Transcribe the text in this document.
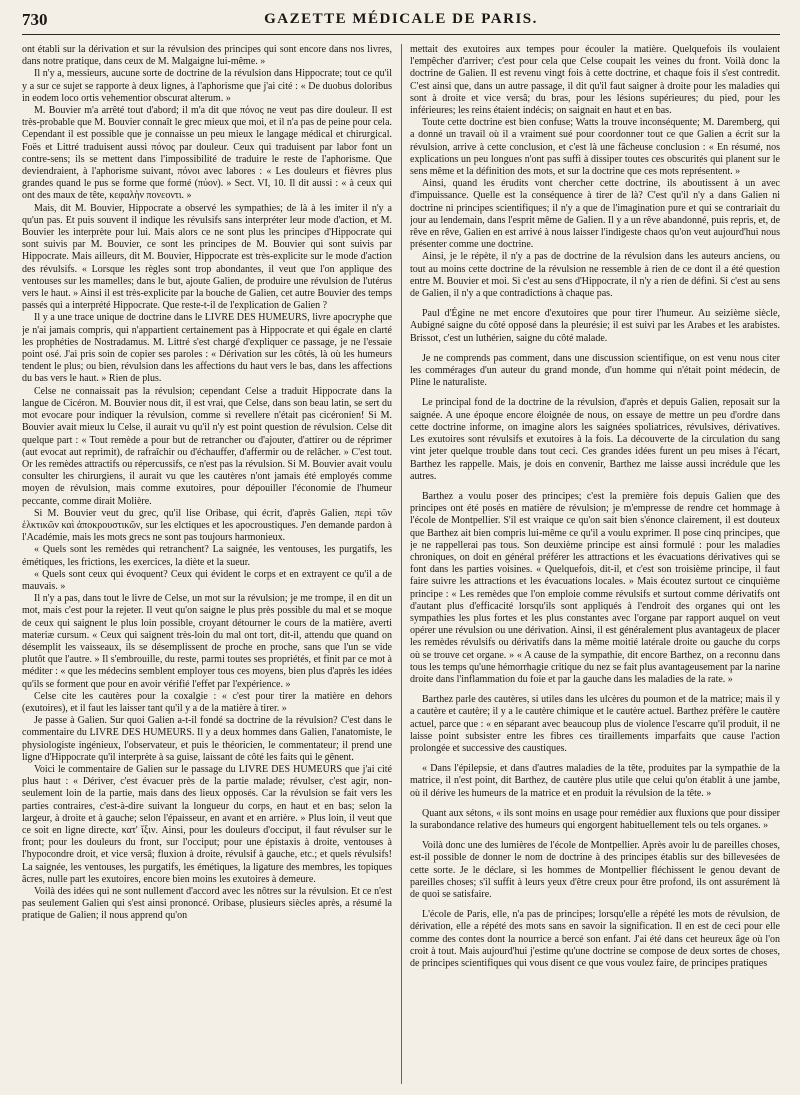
730	GAZETTE MÉDICALE DE PARIS.

ont établi sur la dérivation et sur la révulsion des principes qui sont encore dans nos livres, dans notre pratique, dans ceux de M. Malgaigne lui-même. »

Il n'y a, messieurs, aucune sorte de doctrine de la révulsion dans Hippocrate; tout ce qu'il y a sur ce sujet se rapporte à deux lignes, à l'aphorisme que j'ai cité : « De duobus doloribus in eodem loco ortis vehementior obscurat alterum. »

M. Bouvier m'a arrêté tout d'abord; il m'a dit que πόνος ne veut pas dire douleur. Il est très-probable que M. Bouvier connaît le grec mieux que moi, et il n'a pas de peine pour cela. Cependant il est possible que je connaisse un peu mieux le langage médical et chirurgical. Foës et Littré traduisent aussi πόνος par douleur. Ceux qui traduisent par labor font un contre-sens; ils se mettent dans l'impossibilité de traduire le reste de l'aphorisme. Que deviendraient, à l'aphorisme suivant, πόνοι avec labores : « Les douleurs et fièvres plus grandes quand le pus se forme que formé (πύον). » Sect. VI, 10. Il dit aussi : « à ceux qui ont des maux de tête, κεφαλὴν πονεοντι. »

Mais, dit M. Bouvier, Hippocrate a observé les sympathies; de là à les imiter il n'y a qu'un pas. Et puis souvent il indique les révulsifs sans interpréter leur mode d'action, et M. Bouvier les interprète pour lui. Mais alors ce ne sont plus les principes d'Hippocrate qui sont suivis par M. Bouvier, ce sont les principes de M. Bouvier qui sont suivis par Hippocrate. Mais ailleurs, dit M. Bouvier, Hippocrate est très-explicite sur le mode d'action des révulsifs. « Lorsque les règles sont trop abondantes, il veut que l'on applique des ventouses sur les mamelles; dans le but, ajoute Galien, de produire une révulsion de l'utérus vers le haut. » Ainsi il est très-explicite par la bouche de Galien, cet autre Bouvier des temps passés qui a interprété Hippocrate. Que reste-t-il de l'explication de Galien ?

Il y a une trace unique de doctrine dans le LIVRE DES HUMEURS, livre apocryphe que je n'ai jamais compris, qui n'appartient certainement pas à Hippocrate et qui égale en clarté les prophéties de Nostradamus. M. Littré s'est chargé d'expliquer ce passage, je ne l'essaie point osé. J'ai pris soin de copier ses paroles : « Dérivation sur les côtés, là où les humeurs tendent le plus; ou bien, révulsion dans les affections du haut vers le bas, dans les affections du bas vers le haut. » Rien de plus.

Celse ne connaissait pas la révulsion; cependant Celse a traduit Hippocrate dans la langue de Cicéron. M. Bouvier nous dit, il est vrai, que Celse, dans son beau latin, se sert du mot evocare pour indiquer la révulsion, comme si revellere n'était pas cicéronien! Si M. Bouvier avait mieux lu Celse, il aurait vu qu'il n'y est point question de révulsion. Celse dit quelque part : « Tout remède a pour but de retrancher ou d'ajouter, d'attirer ou de réprimer (aut evocat aut reprimit), de rafraîchir ou d'échauffer, d'affermir ou de relâcher. » C'est tout. Or les remèdes attractifs ou répercussifs, ce n'est pas la révulsion. Si M. Bouvier avait voulu consulter les chirurgiens, il aurait vu que les cautères n'ont jamais été employés comme moyen de révulsion, mais comme exutoires, pour dépouiller l'économie de l'humeur peccante, comme dirait Molière.

Si M. Bouvier veut du grec, qu'il lise Oribase, qui écrit, d'après Galien, περὶ τῶν ἑλκτικῶν καὶ ἀποκρουστικῶν, sur les elctiques et les apocroustiques. J'en demande pardon à l'Académie, mais les mots grecs ne sont pas toujours harmonieux.

« Quels sont les remèdes qui retranchent? La saignée, les ventouses, les purgatifs, les émétiques, les frictions, les exercices, la diète et la sueur.

« Quels sont ceux qui évoquent? Ceux qui évident le corps et en extrayent ce qu'il a de mauvais. »

Il n'y a pas, dans tout le livre de Celse, un mot sur la révulsion; je me trompe, il en dit un mot, mais c'est pour la rejeter. Il veut qu'on saigne le plus près possible du mal et se moque de ceux qui saignent le plus loin possible, croyant détourner le cours de la matière, averti materiæ cursum. « Ceux qui saignent très-loin du mal ont tort, dit-il, attendu que quand on désemplit les vaisseaux, ils se désemplissent de proche en proche, sans que l'un se vide plutôt que l'autre. » Il s'embrouille, du reste, parmi toutes ses propriétés, et finit par ce mot à méditer : « que les médecins semblent employer tous ces moyens, bien plus d'après les idées qu'ils se forment que pour en avoir vérifié l'effet par l'expérience. »

Celse cite les cautères pour la coxalgie : « c'est pour tirer la matière en dehors (exutoires), et il faut les laisser tant qu'il y a de la matière à tirer. »

Je passe à Galien. Sur quoi Galien a-t-il fondé sa doctrine de la révulsion? C'est dans le commentaire du LIVRE DES HUMEURS. Il y a deux hommes dans Galien, l'anatomiste, le physiologiste ingénieux, l'observateur, et puis le théoricien, le commentateur; il prend une ligne d'Hippocrate qu'il interprète à sa guise, laissant de côté les faits qui le gênent.

Voici le commentaire de Galien sur le passage du LIVRE DES HUMEURS que j'ai cité plus haut : « Dériver, c'est évacuer près de la partie malade; révulser, c'est agir, non-seulement loin de la partie, mais dans des lieux opposés. Car la révulsion se fait vers les parties contraires, c'est-à-dire suivant la longueur du corps, en haut et en bas; selon la largeur, à droite et à gauche; selon l'épaisseur, en avant et en arrière. » Plus loin, il veut que ce soit en ligne directe, κατ' ἴξιν. Ainsi, pour les douleurs d'occiput, il faut révulser sur le front; pour les douleurs du front, sur l'occiput; pour une épistaxis à droite, ventouses à l'hypocondre droit, et vice versâ; fluxion à droite, révulsif à gauche, etc.; et quels révulsifs! La saignée, les ventouses, les purgatifs, les émétiques, la ligature des membres, les topiques âcres, nulle part les exutoires, encore bien moins les exutoires à demeure.

Voilà des idées qui ne sont nullement d'accord avec les nôtres sur la révulsion. Et ce n'est pas seulement Galien qui s'est ainsi prononcé. Oribase, plusieurs siècles après, a résumé la pratique de Galien; il nous apprend qu'on

mettait des exutoires aux tempes pour écouler la matière. Quelquefois ils voulaient l'empêcher d'arriver; c'est pour cela que Celse coupait les veines du front. Voilà donc la doctrine de Galien. Il est revenu vingt fois à cette doctrine, et chaque fois il s'est contredit. C'est ainsi que, dans un autre passage, il dit qu'il faut saigner à droite pour les maladies qui sont à droite et vice versâ; du bras, pour les lésions supérieures; du pied, pour les inférieures; les reins étaient indécis; on saignait en haut et en bas.

Toute cette doctrine est bien confuse; Watts la trouve inconséquente; M. Daremberg, qui a donné un travail où il a vraiment sué pour coordonner tout ce que Galien a écrit sur la révulsion, arrive à cette conclusion, et c'est là une fâcheuse conclusion : « En résumé, nos explications un peu longues n'ont pas suffi à dissiper toutes ces obscurités qui planent sur le sens même et la définition des mots, et sur la doctrine que ces mots représentent. »

Ainsi, quand les érudits vont chercher cette doctrine, ils aboutissent à un avec d'impuissance. Quelle est la conséquence à tirer de là? C'est qu'il n'y a dans Galien ni doctrine ni principes scientifiques; il n'y a que de l'imagination pure et qui se contrariait du jour au lendemain, dans l'esprit même de Galien. Il y a un rêve abandonné, puis repris, et, de rêve en rêve, Galien en est arrivé à nous laisser l'indigeste chaos qu'on veut aujourd'hui nous présenter comme une doctrine.

Ainsi, je le répète, il n'y a pas de doctrine de la révulsion dans les auteurs anciens, ou tout au moins cette doctrine de la révulsion ne ressemble à rien de ce dont il a été question entre M. Bouvier et moi. Si c'est au sens d'Hippocrate, il n'y a rien de défini. Si c'est au sens de Galien, il n'y a que contradictions à chaque pas.

Paul d'Égine ne met encore d'exutoires que pour tirer l'humeur. Au seizième siècle, Aubigné saigne du côté opposé dans la pleurésie; il est suivi par les Arabes et les arabistes. Brissot, c'est un luthérien, saigne du côté malade.

Je ne comprends pas comment, dans une discussion scientifique, on est venu nous citer les commérages d'un auteur du grand monde, d'un homme qui n'était point médecin, de Pline le naturaliste.

Le principal fond de la doctrine de la révulsion, d'après et depuis Galien, reposait sur la saignée. A une époque encore éloignée de nous, on essaye de mettre un peu d'ordre dans cette doctrine informe, on imagine alors les saignées spoliatrices, révulsives, dérivatives. Les exutoires sont révulsifs et exutoires à la fois. La découverte de la circulation du sang vint jeter quelque trouble dans tout ceci. Ces grandes idées furent un peu mises à l'écart, Barthez les rappelle. Mais, je dois en convenir, Barthez me laisse aussi incrédule que les autres.

Barthez a voulu poser des principes; c'est la première fois depuis Galien que des principes ont été posés en matière de révulsion; je m'empresse de rendre cet hommage à l'école de Montpellier. S'il est vraique ce qu'on sait bien s'énonce clairement, il est douteux que Barthez ait bien compris lui-même ce qu'il a voulu exprimer. Il pose cinq principes, que je ne rappellerai pas tous. Son deuxième principe est ainsi formulé : pour les maladies chroniques, on doit en général préférer les attractions et les évacuations dérivatives qui se font dans les parties voisines. « Quelquefois, dit-il, et c'est son troisième principe, il faut faire suivre les attractions et les évacuations locales. » Mais écoutez surtout ce cinquième principe : « Les remèdes que l'on emploie comme révulsifs et surtout comme dérivatifs ont d'autant plus d'efficacité lorsqu'ils sont appliqués à l'endroit des organes qui ont les sympathies les plus fortes et les plus constantes avec l'organe par rapport auquel on veut opérer une révulsion ou une dérivation. Ainsi, il est généralement plus avantageux de placer les remèdes révulsifs ou dérivatifs dans la même moitié latérale droite ou gauche du corps où se trouve cet organe. » « A cause de la sympathie, dit encore Barthez, on a reconnu dans tous les temps qu'une hémorrhagie critique du nez se fait plus avantageusement par la narine droite dans l'inflammation du foie et par la gauche dans les maladies de la rate. »

Barthez parle des cautères, si utiles dans les ulcères du poumon et de la matrice; mais il y a cautère et cautère; il y a le cautère chimique et le cautère actuel. Barthez préfère le cautère actuel, parce que : « en séparant avec beaucoup plus de violence l'escarre qu'il produit, il ne laisse point subsister entre les fibres ces tiraillements imparfaits que cause l'action prolongée et successive des caustiques.

« Dans l'épilepsie, et dans d'autres maladies de la tête, produites par la sympathie de la matrice, il n'est point, dit Barthez, de cautère plus utile que celui qu'on établit à une jambe, où il dérive les humeurs de la matrice et en produit la révulsion de la tête. »

Quant aux sétons, « ils sont moins en usage pour remédier aux fluxions que pour dissiper la surabondance relative des humeurs qui engorgent habituellement tels ou tels organes. »

Voilà donc une des lumières de l'école de Montpellier. Après avoir lu de pareilles choses, est-il possible de donner le nom de doctrine à des principes établis sur des billevesées de cette sorte. Je le déclare, si les hommes de Montpellier fléchissent le genou devant de pareilles choses; s'il suffit à leurs yeux d'être creux pour être profond, ils ont assurément là de quoi se satisfaire.

L'école de Paris, elle, n'a pas de principes; lorsqu'elle a répété les mots de révulsion, de dérivation, elle a répété des mots sans en savoir la signification. Il en est de ceci pour elle comme des contes dont la nourrice a bercé son enfant. J'ai été dans cet heureux âge où l'on croit à tout. Mais aujourd'hui j'estime qu'une doctrine se compose de deux sortes de choses, de principes scientifiques qui vous disent ce que vous voulez faire, de principes pratiques
